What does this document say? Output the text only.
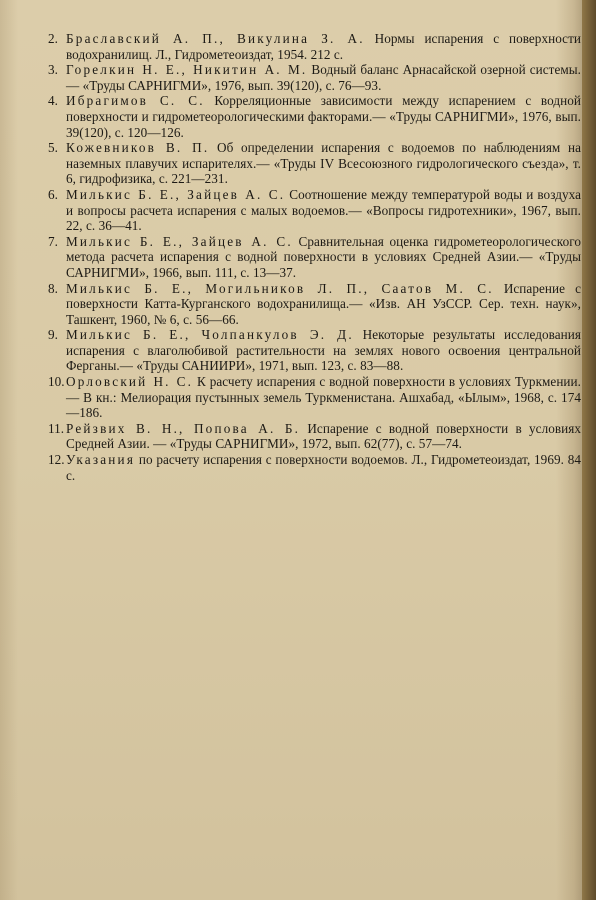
2. Браславский А. П., Викулина З. А. Нормы испарения с поверхности водохранилищ. Л., Гидрометеоиздат, 1954. 212 с.
3. Горелкин Н. Е., Никитин А. М. Водный баланс Арнасайской озерной системы. — «Труды САРНИГМИ», 1976, вып. 39(120), с. 76—93.
4. Ибрагимов С. С. Корреляционные зависимости между испарением с водной поверхности и гидрометеорологическими факторами.— «Труды САРНИГМИ», 1976, вып. 39(120), с. 120—126.
5. Кожевников В. П. Об определении испарения с водоемов по наблюдениям на наземных плавучих испарителях.— «Труды IV Всесоюзного гидрологического съезда», т. 6, гидрофизика, с. 221—231.
6. Милькис Б. Е., Зайцев А. С. Соотношение между температурой воды и воздуха и вопросы расчета испарения с малых водоемов.— «Вопросы гидротехники», 1967, вып. 22, с. 36—41.
7. Милькис Б. Е., Зайцев А. С. Сравнительная оценка гидрометеорологического метода расчета испарения с водной поверхности в условиях Средней Азии.— «Труды САРНИГМИ», 1966, вып. 111, с. 13—37.
8. Милькис Б. Е., Могильников Л. П., Саатов М. С. Испарение с поверхности Катта-Курганского водохранилища.— «Изв. АН УзССР. Сер. техн. наук», Ташкент, 1960, № 6, с. 56—66.
9. Милькис Б. Е., Чолпанкулов Э. Д. Некоторые результаты исследования испарения с влаголюбивой растительности на землях нового освоения центральной Ферганы.— «Труды САНИИРИ», 1971, вып. 123, с. 83—88.
10. Орловский Н. С. К расчету испарения с водной поверхности в условиях Туркмении.— В кн.: Мелиорация пустынных земель Туркменистана. Ашхабад, «Ылым», 1968, с. 174—186.
11. Рейзвих В. Н., Попова А. Б. Испарение с водной поверхности в условиях Средней Азии. — «Труды САРНИГМИ», 1972, вып. 62(77), с. 57—74.
12. Указания по расчету испарения с поверхности водоемов. Л., Гидрометеоиздат, 1969. 84 с.
